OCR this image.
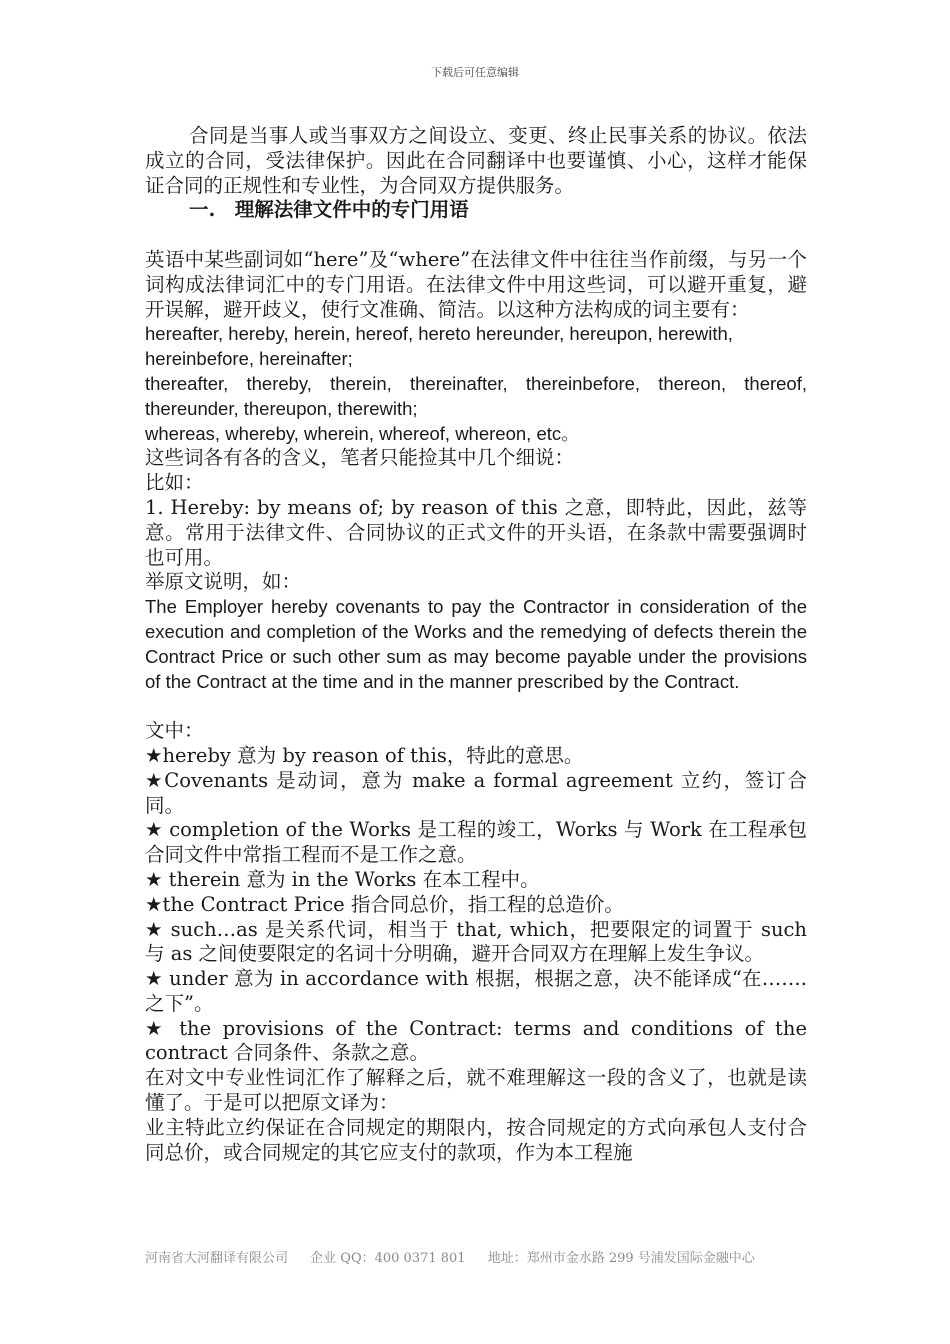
下载后可任意编辑

合同是当事人或当事双方之间设立、变更、终止民事关系的协议。依法成立的合同，受法律保护。因此在合同翻译中也要谨慎、小心，这样才能保证合同的正规性和专业性，为合同双方提供服务。

一.　理解法律文件中的专门用语

英语中某些副词如“here”及“where”在法律文件中往往当作前缀，与另一个词构成法律词汇中的专门用语。在法律文件中用这些词，可以避开重复，避开误解，避开歧义，使行文准确、简洁。以这种方法构成的词主要有：

hereafter, hereby, herein, hereof, hereto hereunder, hereupon, herewith, hereinbefore, hereinafter;

thereafter, thereby, therein, thereinafter, thereinbefore, thereon, thereof, thereunder, thereupon, therewith;

whereas, whereby, wherein, whereof, whereon, etc。

这些词各有各的含义，笔者只能捡其中几个细说：

比如：

1. Hereby: by means of; by reason of this 之意，即特此，因此，兹等意。常用于法律文件、合同协议的正式文件的开头语，在条款中需要强调时也可用。

举原文说明，如：

The Employer hereby covenants to pay the Contractor in consideration of the execution and completion of the Works and the remedying of defects therein the Contract Price or such other sum as may become payable under the provisions of the Contract at the time and in the manner prescribed by the Contract.

文中：

★hereby 意为 by reason of this，特此的意思。

★Covenants 是动词，意为 make a formal agreement 立约，签订合同。

★ completion of the Works 是工程的竣工，Works 与 Work 在工程承包合同文件中常指工程而不是工作之意。

★ therein 意为 in the Works 在本工程中。

★the Contract Price 指合同总价，指工程的总造价。

★ such…as 是关系代词，相当于 that, which，把要限定的词置于 such 与 as 之间使要限定的名词十分明确，避开合同双方在理解上发生争议。

★ under 意为 in accordance with 根据，根据之意，决不能译成“在…….之下”。

★ the provisions of the Contract: terms and conditions of the contract 合同条件、条款之意。

在对文中专业性词汇作了解释之后，就不难理解这一段的含义了，也就是读懂了。于是可以把原文译为：

业主特此立约保证在合同规定的期限内，按合同规定的方式向承包人支付合同总价，或合同规定的其它应支付的款项，作为本工程施

河南省大河翻译有限公司 企业 QQ：400 0371 801 地址：郑州市金水路 299 号浦发国际金融中心
